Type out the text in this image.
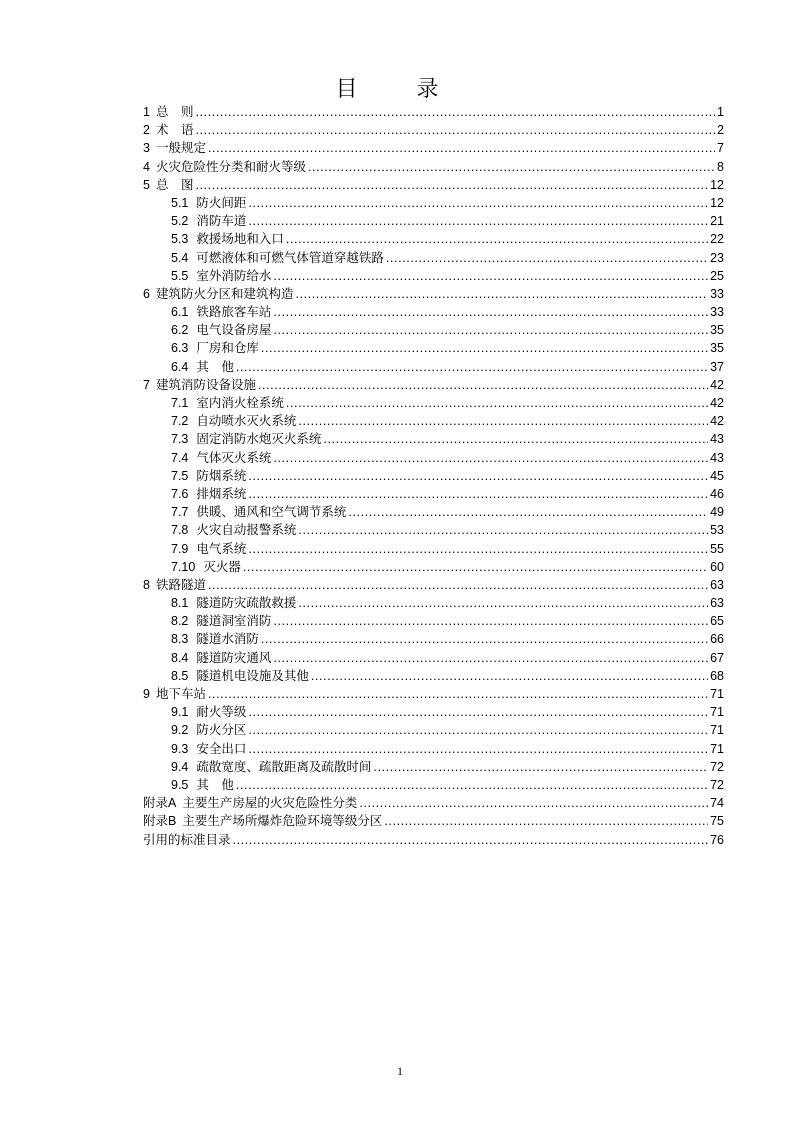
目 录
1 总　则 .....	1
2 术　语 .....	2
3 一般规定 .....	7
4 火灾危险性分类和耐火等级 .....	8
5 总　图 .....	12
5.1 防火间距 .....	12
5.2 消防车道 .....	21
5.3 救援场地和入口 .....	22
5.4 可燃液体和可燃气体管道穿越铁路 .....	23
5.5 室外消防给水 .....	25
6 建筑防火分区和建筑构造 .....	33
6.1 铁路旅客车站 .....	33
6.2 电气设备房屋 .....	35
6.3 厂房和仓库 .....	35
6.4 其　他 .....	37
7 建筑消防设备设施 .....	42
7.1 室内消火栓系统 .....	42
7.2 自动喷水灭火系统 .....	42
7.3 固定消防水炮灭火系统 .....	43
7.4 气体灭火系统 .....	43
7.5 防烟系统 .....	45
7.6 排烟系统 .....	46
7.7 供暖、通风和空气调节系统 .....	49
7.8 火灾自动报警系统 .....	53
7.9 电气系统 .....	55
7.10 灭火器 .....	60
8 铁路隧道 .....	63
8.1 隧道防灾疏散救援 .....	63
8.2 隧道洞室消防 .....	65
8.3 隧道水消防 .....	66
8.4 隧道防灾通风 .....	67
8.5 隧道机电设施及其他 .....	68
9 地下车站 .....	71
9.1 耐火等级 .....	71
9.2 防火分区 .....	71
9.3 安全出口 .....	71
9.4 疏散宽度、疏散距离及疏散时间 .....	72
9.5 其　他 .....	72
附录A 主要生产房屋的火灾危险性分类 .....	74
附录B 主要生产场所爆炸危险环境等级分区 .....	75
引用的标准目录 .....	76
1
